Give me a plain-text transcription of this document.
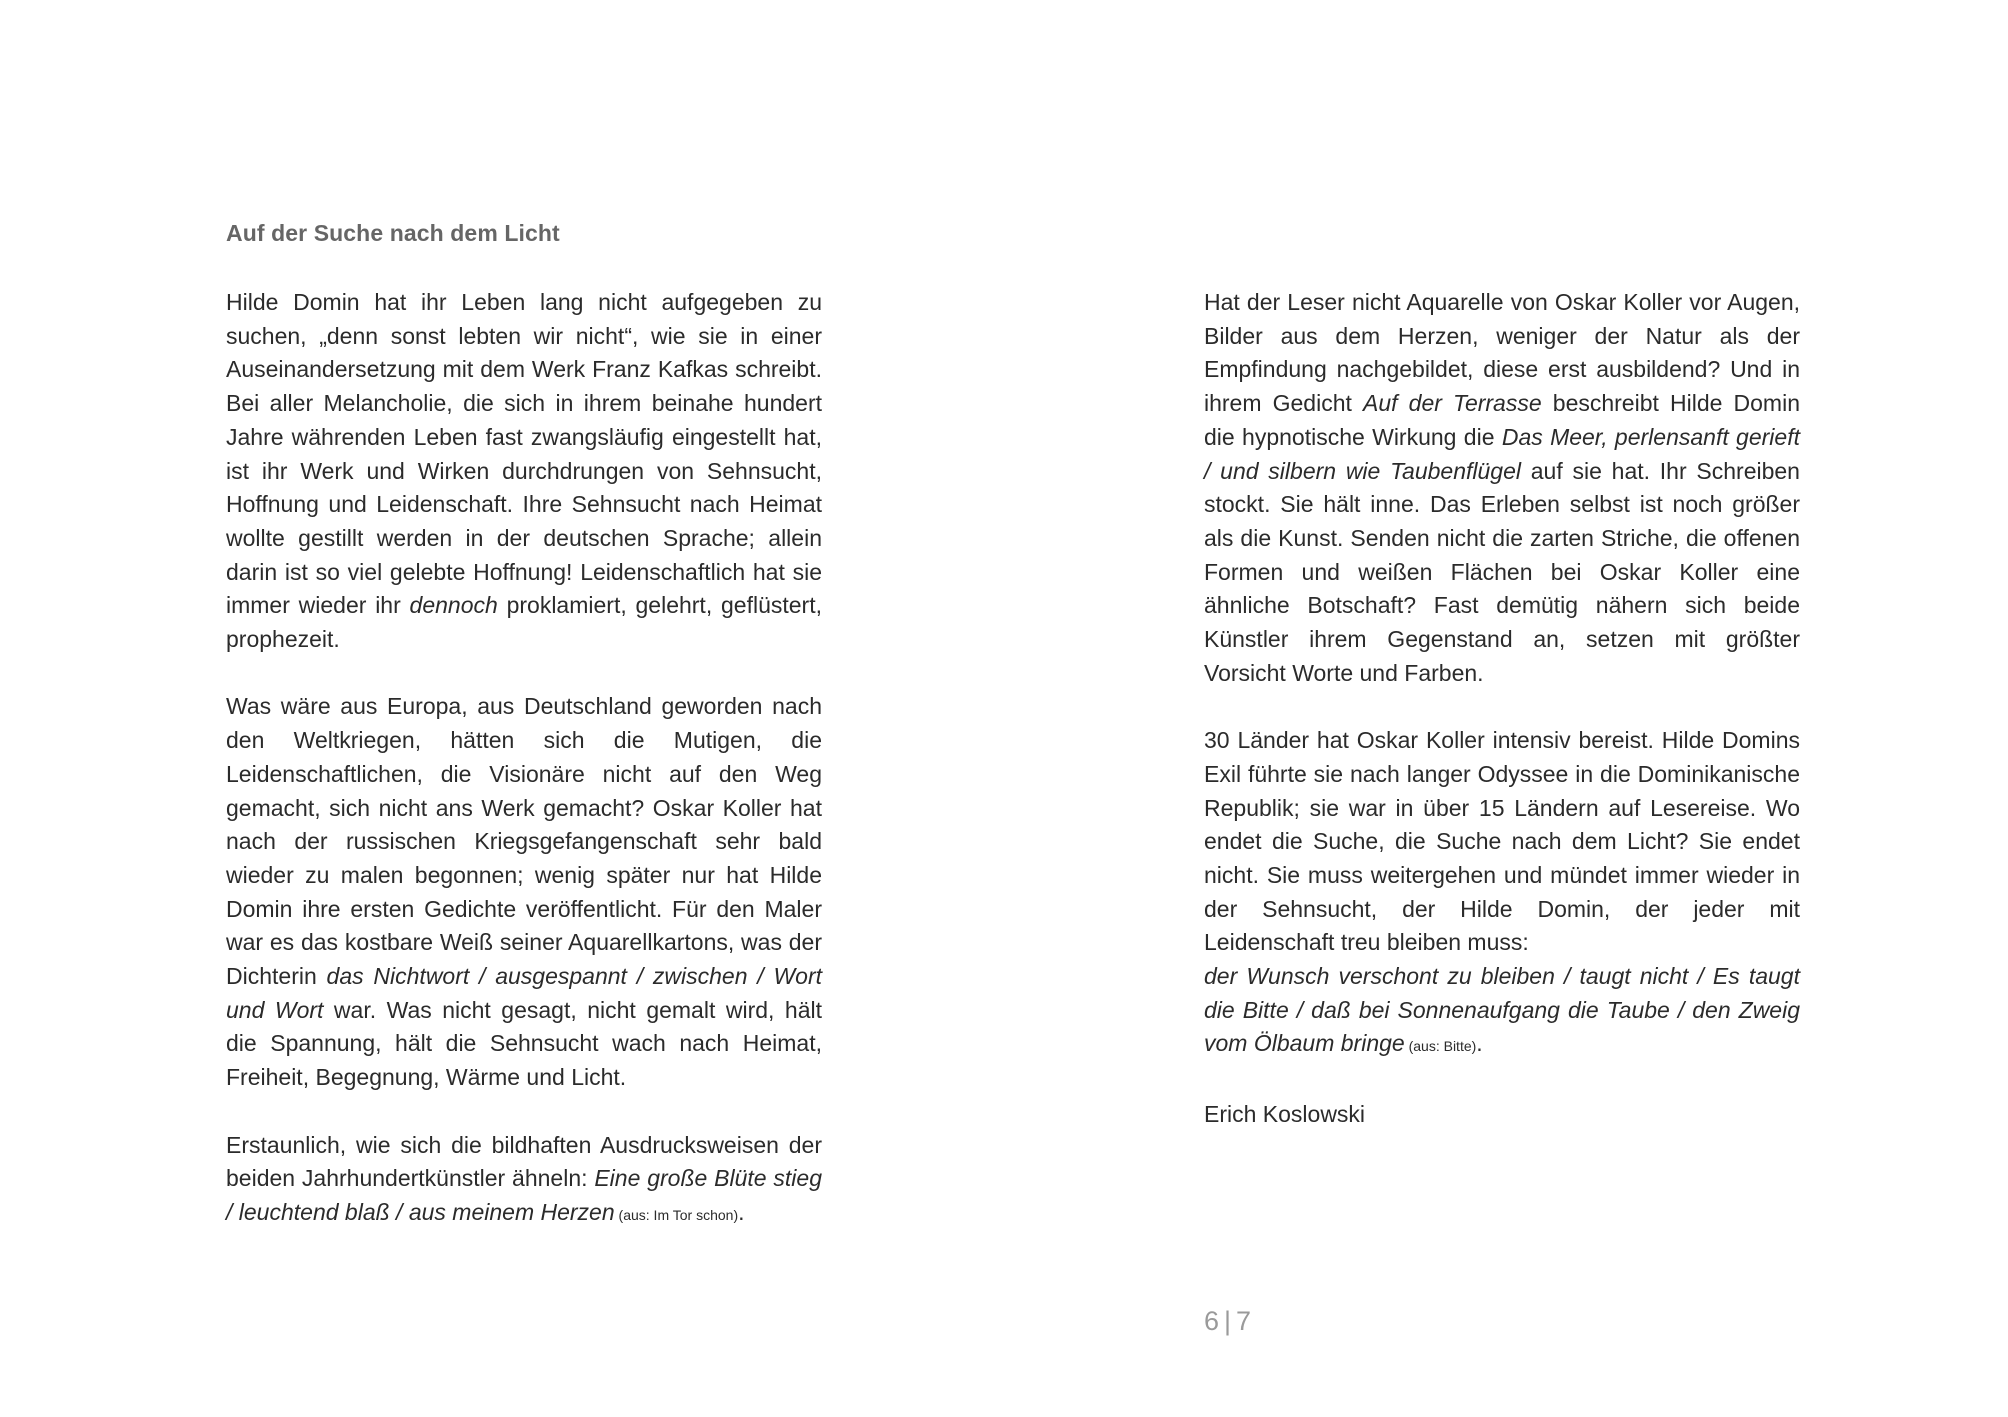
Auf der Suche nach dem Licht

Hilde Domin hat ihr Leben lang nicht aufgegeben zu suchen, „denn sonst lebten wir nicht“, wie sie in einer Auseinandersetzung mit dem Werk Franz Kafkas schreibt. Bei aller Melancholie, die sich in ihrem beinahe hundert Jahre währenden Leben fast zwangsläufig eingestellt hat, ist ihr Werk und Wirken durchdrungen von Sehnsucht, Hoffnung und Leidenschaft. Ihre Sehnsucht nach Heimat wollte gestillt werden in der deutschen Sprache; allein darin ist so viel gelebte Hoffnung! Leidenschaftlich hat sie immer wieder ihr dennoch proklamiert, gelehrt, geflüstert, prophezeit.

Was wäre aus Europa, aus Deutschland geworden nach den Weltkriegen, hätten sich die Mutigen, die Leidenschaftlichen, die Visionäre nicht auf den Weg gemacht, sich nicht ans Werk gemacht? Oskar Koller hat nach der russischen Kriegsgefangenschaft sehr bald wieder zu malen begonnen; wenig später nur hat Hilde Domin ihre ersten Gedichte veröffentlicht. Für den Maler war es das kostbare Weiß seiner Aquarellkartons, was der Dichterin das Nichtwort / ausgespannt / zwischen / Wort und Wort war. Was nicht gesagt, nicht gemalt wird, hält die Spannung, hält die Sehnsucht wach nach Heimat, Freiheit, Begegnung, Wärme und Licht.

Erstaunlich, wie sich die bildhaften Ausdrucksweisen der beiden Jahrhundertkünstler ähneln: Eine große Blüte stieg / leuchtend blaß / aus meinem Herzen (aus: Im Tor schon).

Hat der Leser nicht Aquarelle von Oskar Koller vor Augen, Bilder aus dem Herzen, weniger der Natur als der Empfindung nachgebildet, diese erst ausbildend? Und in ihrem Gedicht Auf der Terrasse beschreibt Hilde Domin die hypnotische Wirkung die Das Meer, perlensanft gerieft / und silbern wie Taubenflügel auf sie hat. Ihr Schreiben stockt. Sie hält inne. Das Erleben selbst ist noch größer als die Kunst. Senden nicht die zarten Striche, die offenen Formen und weißen Flächen bei Oskar Koller eine ähnliche Botschaft? Fast demütig nähern sich beide Künstler ihrem Gegenstand an, setzen mit größter Vorsicht Worte und Farben.

30 Länder hat Oskar Koller intensiv bereist. Hilde Domins Exil führte sie nach langer Odyssee in die Dominikanische Republik; sie war in über 15 Ländern auf Lesereise. Wo endet die Suche, die Suche nach dem Licht? Sie endet nicht. Sie muss weitergehen und mündet immer wieder in der Sehnsucht, der Hilde Domin, der jeder mit Leidenschaft treu bleiben muss:

der Wunsch verschont zu bleiben / taugt nicht / Es taugt die Bitte / daß bei Sonnenaufgang die Taube / den Zweig vom Ölbaum bringe (aus: Bitte).

Erich Koslowski

6 | 7
